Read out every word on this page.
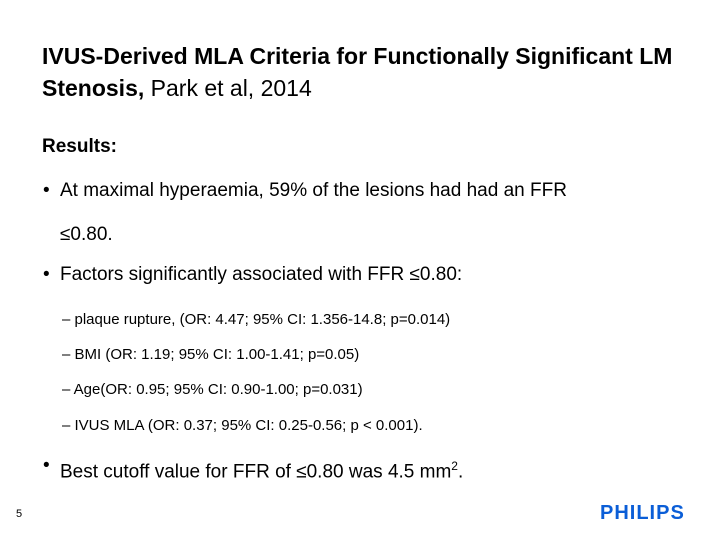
IVUS-Derived MLA Criteria for Functionally Significant LM Stenosis, Park et al, 2014
Results:
• At maximal hyperaemia, 59% of the lesions had had an FFR
≤0.80.
• Factors significantly associated with FFR ≤0.80:
– plaque rupture, (OR: 4.47; 95% CI: 1.356-14.8; p=0.014)
– BMI (OR: 1.19; 95% CI: 1.00-1.41; p=0.05)
– Age(OR: 0.95; 95% CI: 0.90-1.00; p=0.031)
– IVUS MLA (OR: 0.37; 95% CI: 0.25-0.56; p < 0.001).
• Best cutoff value for FFR of ≤0.80 was 4.5 $mm^2$.
5	PHILIPS
